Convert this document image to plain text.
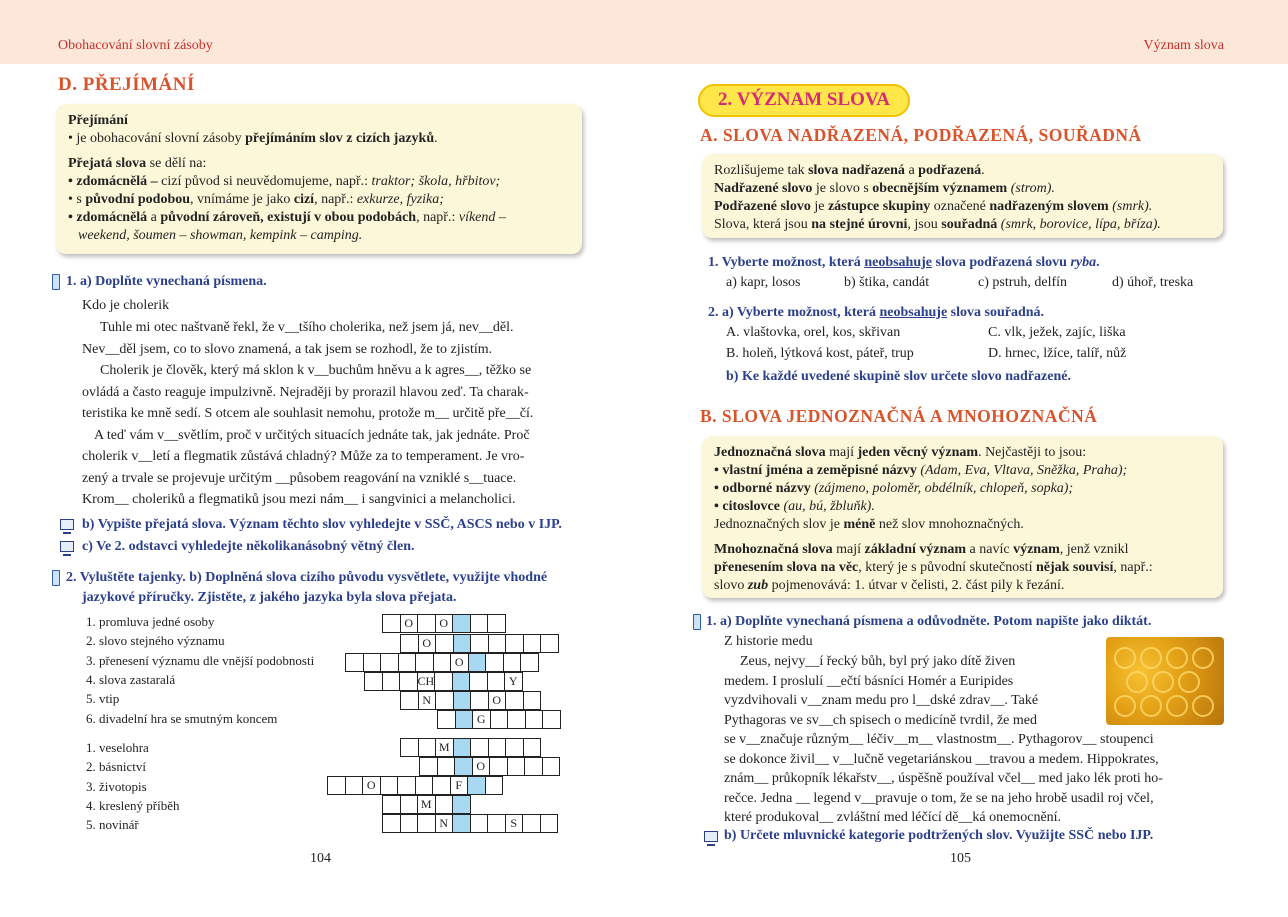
Obohacování slovní zásoby	Význam slova
D. PŘEJÍMÁNÍ

Přejímání

• je obohacování slovní zásoby přejímáním slov z cizích jazyků.

Přejatá slova se dělí na:

• zdomácnělá – cizí původ si neuvědomujeme, např.: traktor; škola, hřbitov;

• s původní podobou, vnímáme je jako cizí, např.: exkurze, fyzika;

• zdomácnělá a původní zároveň, existují v obou podobách, např.: víkend –

weekend, šoumen – showman, kempink – camping.

1. a) Doplňte vynechaná písmena.
Kdo je cholerik
Tuhle mi otec naštvaně řekl, že v__tšího cholerika, než jsem já, nev__děl.
Nev__děl jsem, co to slovo znamená, a tak jsem se rozhodl, že to zjistím.
Cholerik je člověk, který má sklon k v__buchům hněvu a k agres__, těžko se
ovládá a často reaguje impulzivně. Nejraději by prorazil hlavou zeď. Ta charak-
teristika ke mně sedí. S otcem ale souhlasit nemohu, protože m__ určitě pře__čí.
A teď vám v__světlím, proč v určitých situacích jednáte tak, jak jednáte. Proč
cholerik v__letí a flegmatik zůstává chladný? Může za to temperament. Je vro-
zený a trvale se projevuje určitým __působem reagování na vzniklé s__tuace.
Krom__ choleriků a flegmatiků jsou mezi nám__ i sangvinici a melancholici.
b) Vypište přejatá slova. Význam těchto slov vyhledejte v SSČ, ASCS nebo v IJP.
c) Ve 2. odstavci vyhledejte několikanásobný větný člen.
2. Vyluštěte tajenky. b) Doplněná slova cizího původu vysvětlete, využijte vhodné
jazykové příručky. Zjistěte, z jakého jazyka byla slova přejata.
1. promluva jedné osoby
2. slovo stejného významu
3. přenesení významu dle vnější podobnosti
4. slova zastaralá
5. vtip
6. divadelní hra se smutným koncem
O	O
O
O
CH	Y
N	O
G
1. veselohra
2. básnictví
3. životopis
4. kreslený příběh
5. novinář
M
O
O	F
M
N	S
104
2. VÝZNAM SLOVA
A. SLOVA NADŘAZENÁ, PODŘAZENÁ, SOUŘADNÁ

Rozlišujeme tak slova nadřazená a podřazená.

Nadřazené slovo je slovo s obecnějším významem (strom).

Podřazené slovo je zástupce skupiny označené nadřazeným slovem (smrk).

Slova, která jsou na stejné úrovni, jsou souřadná (smrk, borovice, lípa, bříza).

1. Vyberte možnost, která neobsahuje slova podřazená slovu ryba.
a) kapr, losos	b) štika, candát	c) pstruh, delfín	d) úhoř, treska
2. a) Vyberte možnost, která neobsahuje slova souřadná.
A. vlaštovka, orel, kos, skřivan	C. vlk, ježek, zajíc, liška
B. holeň, lýtková kost, páteř, trup	D. hrnec, lžíce, talíř, nůž
b) Ke každé uvedené skupině slov určete slovo nadřazené.
B. SLOVA JEDNOZNAČNÁ A MNOHOZNAČNÁ

Jednoznačná slova mají jeden věcný význam. Nejčastěji to jsou:

• vlastní jména a zeměpisné názvy (Adam, Eva, Vltava, Sněžka, Praha);

• odborné názvy (zájmeno, poloměr, obdélník, chlopeň, sopka);

• citoslovce (au, bú, žbluňk).

Jednoznačných slov je méně než slov mnohoznačných.

Mnohoznačná slova mají základní význam a navíc význam, jenž vznikl

přenesením slova na věc, který je s původní skutečností nějak souvisí, např.:

slovo zub pojmenovává: 1. útvar v čelisti, 2. část pily k řezání.

1. a) Doplňte vynechaná písmena a odůvodněte. Potom napište jako diktát.
Z historie medu
Zeus, nejvy__í řecký bůh, byl prý jako dítě živen
medem. I proslulí __ečtí básníci Homér a Euripides
vyzdvihovali v__znam medu pro l__dské zdrav__. Také
Pythagoras ve sv__ch spisech o medicíně tvrdil, že med
se v__značuje různým__ léčiv__m__ vlastnostm__. Pythagorov__ stoupenci
se dokonce živil__ v__lučně vegetariánskou __travou a medem. Hippokrates,
znám__ průkopník lékařstv__, úspěšně používal včel__ med jako lék proti ho-
rečce. Jedna __ legend v__pravuje o tom, že se na jeho hrobě usadil roj včel,
které produkoval__ zvláštní med léčící dě__ká onemocnění.
b) Určete mluvnické kategorie podtržených slov. Využijte SSČ nebo IJP.
105
